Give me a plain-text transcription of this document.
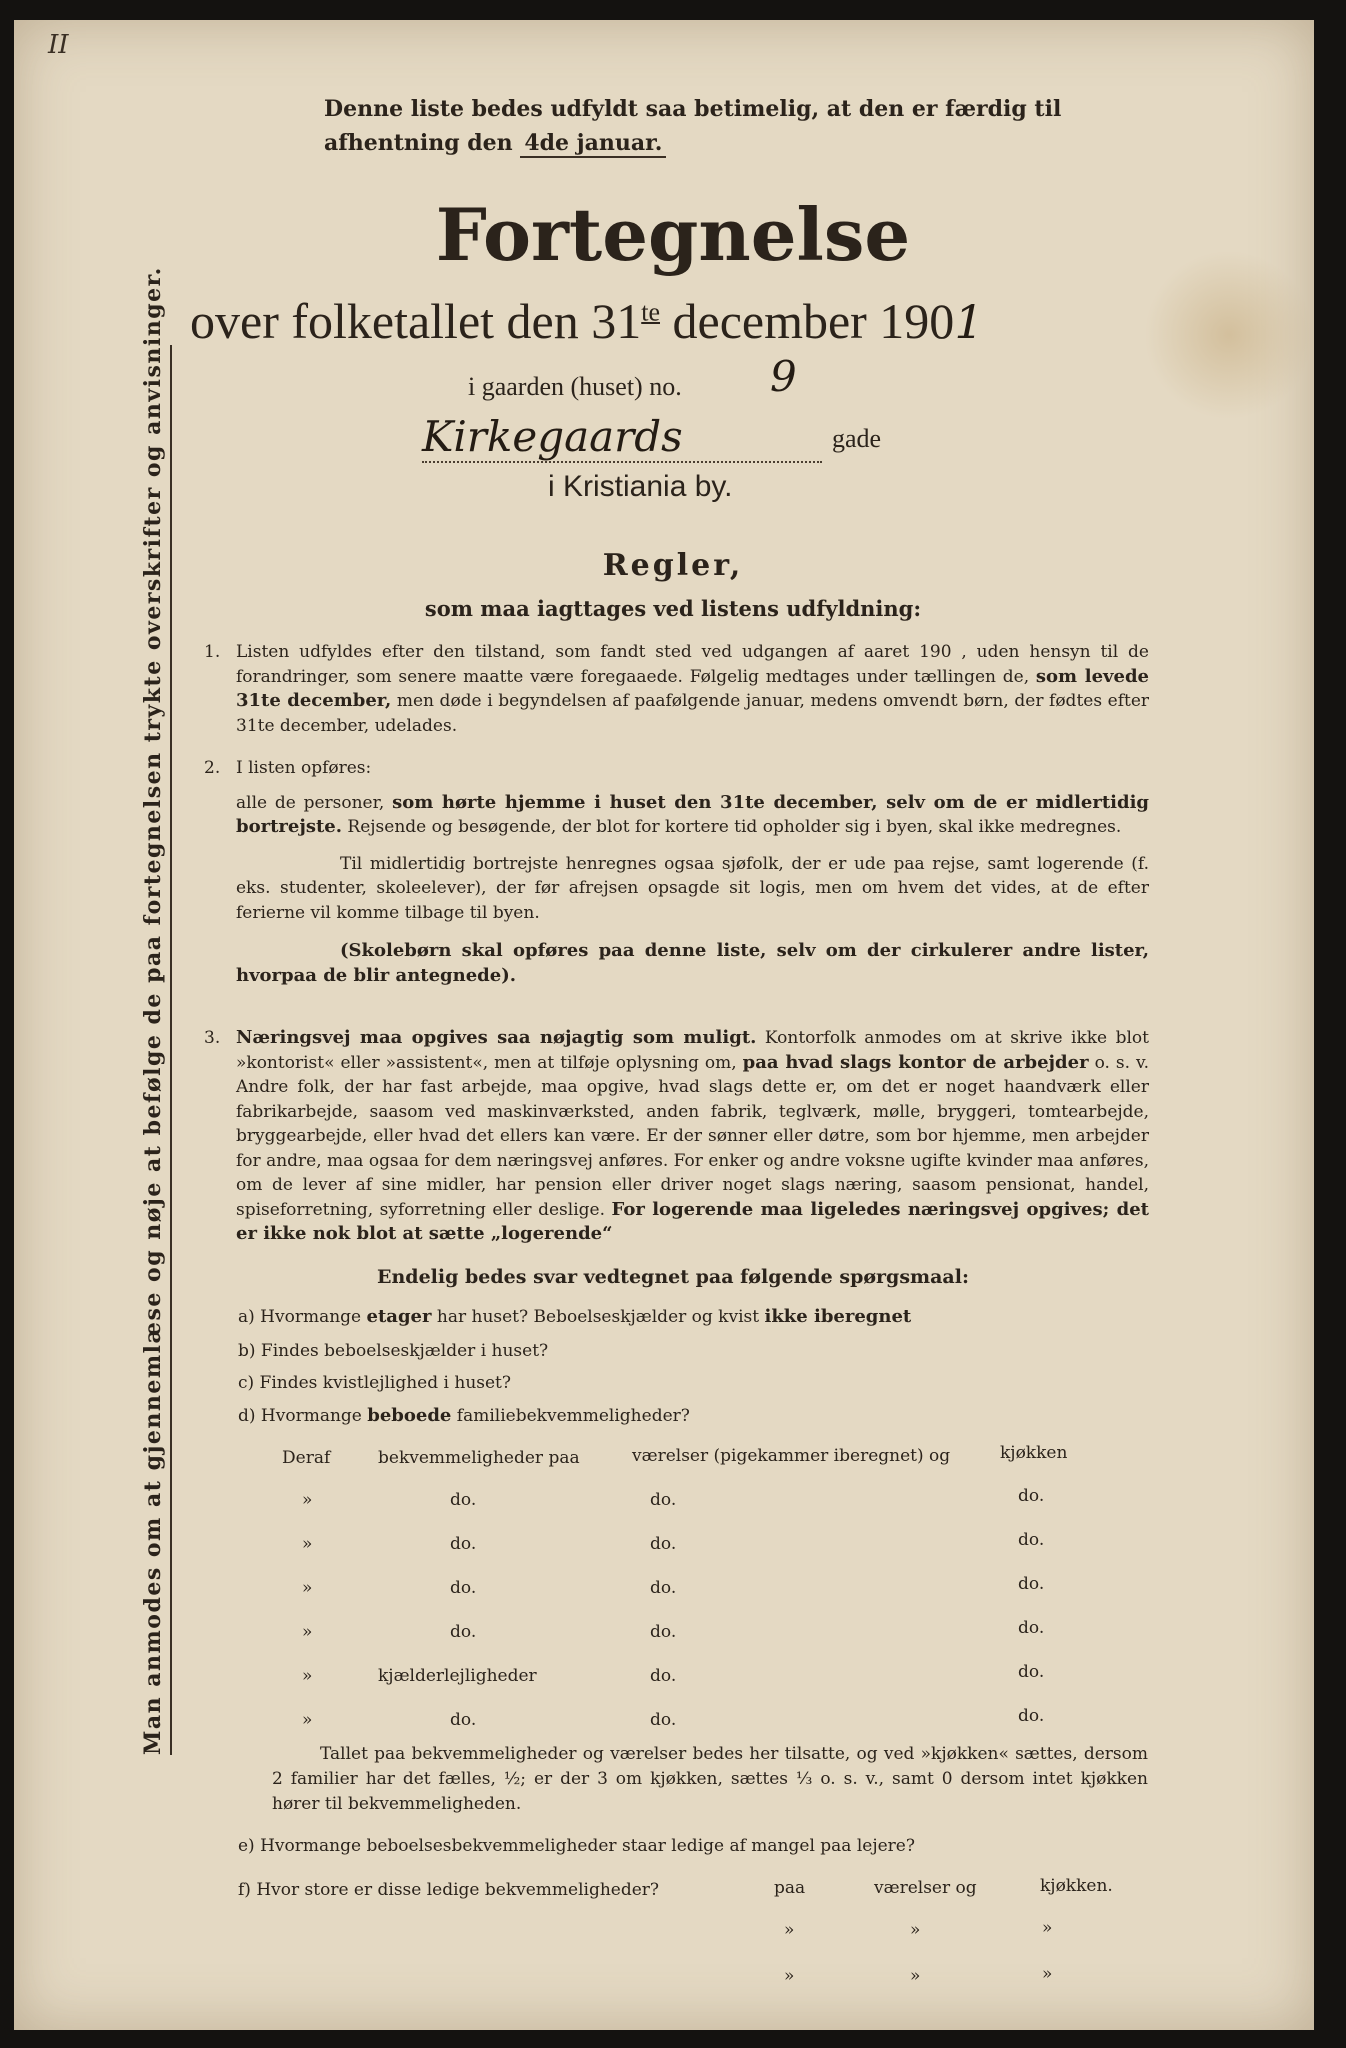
II
Man anmodes om at gjennemlæse og nøje at befølge de paa fortegnelsen trykte overskrifter og anvisninger.
Denne liste bedes udfyldt saa betimelig, at den er færdig til
afhentning den 4de januar.
Fortegnelse
over folketallet den $31^{te}$ december 1901
i gaarden (huset) no. 9
Kirkegaards	gade
i Kristiania by.
Regler,
som maa iagttages ved listens udfyldning:
1. Listen udfyldes efter den tilstand, som fandt sted ved udgangen af aaret 190 , uden hensyn til de forandringer, som senere maatte være foregaaede. Følgelig medtages under tællingen de, som levede 31te december, men døde i begyndelsen af paafølgende januar, medens omvendt børn, der fødtes efter 31te december, udelades.
2. I listen opføres:

alle de personer, som hørte hjemme i huset den 31te december, selv om de er midlertidig bortrejste. Rejsende og besøgende, der blot for kortere tid opholder sig i byen, skal ikke medregnes.

Til midlertidig bortrejste henregnes ogsaa sjøfolk, der er ude paa rejse, samt logerende (f. eks. studenter, skoleelever), der før afrejsen opsagde sit logis, men om hvem det vides, at de efter ferierne vil komme tilbage til byen.

(Skolebørn skal opføres paa denne liste, selv om der cirkulerer andre lister, hvorpaa de blir antegnede).

3. Næringsvej maa opgives saa nøjagtig som muligt. Kontorfolk anmodes om at skrive ikke blot »kontorist« eller »assistent«, men at tilføje oplysning om, paa hvad slags kontor de arbejder o. s. v. Andre folk, der har fast arbejde, maa opgive, hvad slags dette er, om det er noget haandværk eller fabrikarbejde, saasom ved maskinværksted, anden fabrik, teglværk, mølle, bryggeri, tomtearbejde, bryggearbejde, eller hvad det ellers kan være. Er der sønner eller døtre, som bor hjemme, men arbejder for andre, maa ogsaa for dem næringsvej anføres. For enker og andre voksne ugifte kvinder maa anføres, om de lever af sine midler, har pension eller driver noget slags næring, saasom pensionat, handel, spiseforretning, syforretning eller deslige. For logerende maa ligeledes næringsvej opgives; det er ikke nok blot at sætte „logerende“
Endelig bedes svar vedtegnet paa følgende spørgsmaal:
a) Hvormange etager har huset? Beboelseskjælder og kvist ikke iberegnet
b) Findes beboelseskjælder i huset?
c) Findes kvistlejlighed i huset?
d) Hvormange beboede familiebekvemmeligheder?
Deraf	bekvemmeligheder paa	værelser (pigekammer iberegnet) og	kjøkken
»	do.	do.	do.
»	do.	do.	do.
»	do.	do.	do.
»	do.	do.	do.
»	kjælderlejligheder	do.	do.
»	do.	do.	do.

Tallet paa bekvemmeligheder og værelser bedes her tilsatte, og ved »kjøkken« sættes, dersom 2 familier har det fælles, ½; er der 3 om kjøkken, sættes ⅓ o. s. v., samt 0 dersom intet kjøkken hører til bekvemmeligheden.

e) Hvormange beboelsesbekvemmeligheder staar ledige af mangel paa lejere?
f) Hvor store er disse ledige bekvemmeligheder?	paa	værelser og	kjøkken.
»	»	»
»	»	»
